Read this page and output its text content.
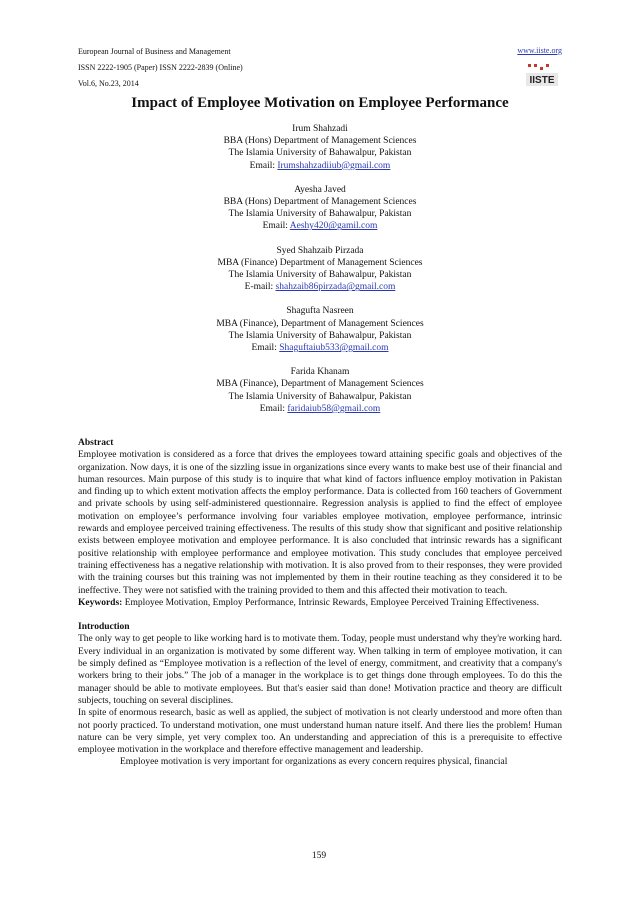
European Journal of Business and Management
ISSN 2222-1905 (Paper) ISSN 2222-2839 (Online)
Vol.6, No.23, 2014
www.iiste.org
IISTE
Impact of Employee Motivation on Employee Performance
Irum Shahzadi
BBA (Hons) Department of Management Sciences
The Islamia University of Bahawalpur, Pakistan
Email: Irumshahzadiiub@gmail.com
Ayesha Javed
BBA (Hons) Department of Management Sciences
The Islamia University of Bahawalpur, Pakistan
Email: Aeshy420@gamil.com
Syed Shahzaib Pirzada
MBA (Finance) Department of Management Sciences
The Islamia University of Bahawalpur, Pakistan
E-mail: shahzaib86pirzada@gmail.com
Shagufta Nasreen
MBA (Finance), Department of Management Sciences
The Islamia University of Bahawalpur, Pakistan
Email: Shaguftaiub533@gmail.com
Farida Khanam
MBA (Finance), Department of Management Sciences
The Islamia University of Bahawalpur, Pakistan
Email: faridaiub58@gmail.com
Abstract

Employee motivation is considered as a force that drives the employees toward attaining specific goals and objectives of the organization. Now days, it is one of the sizzling issue in organizations since every wants to make best use of their financial and human resources. Main purpose of this study is to inquire that what kind of factors influence employ motivation in Pakistan and finding up to which extent motivation affects the employ performance. Data is collected from 160 teachers of Government and private schools by using self-administered questionnaire. Regression analysis is applied to find the effect of employee motivation on employee’s performance involving four variables employee motivation, employee performance, intrinsic rewards and employee perceived training effectiveness. The results of this study show that significant and positive relationship exists between employee motivation and employee performance. It is also concluded that intrinsic rewards has a significant positive relationship with employee performance and employee motivation. This study concludes that employee perceived training effectiveness has a negative relationship with motivation. It is also proved from to their responses, they were provided with the training courses but this training was not implemented by them in their routine teaching as they considered it to be ineffective. They were not satisfied with the training provided to them and this affected their motivation to teach.

Keywords: Employee Motivation, Employ Performance, Intrinsic Rewards, Employee Perceived Training Effectiveness.

Introduction

The only way to get people to like working hard is to motivate them. Today, people must understand why they're working hard. Every individual in an organization is motivated by some different way. When talking in term of employee motivation, it can be simply defined as “Employee motivation is a reflection of the level of energy, commitment, and creativity that a company's workers bring to their jobs.” The job of a manager in the workplace is to get things done through employees. To do this the manager should be able to motivate employees. But that's easier said than done! Motivation practice and theory are difficult subjects, touching on several disciplines.

In spite of enormous research, basic as well as applied, the subject of motivation is not clearly understood and more often than not poorly practiced. To understand motivation, one must understand human nature itself. And there lies the problem! Human nature can be very simple, yet very complex too. An understanding and appreciation of this is a prerequisite to effective employee motivation in the workplace and therefore effective management and leadership.

Employee motivation is very important for organizations as every concern requires physical, financial

159
